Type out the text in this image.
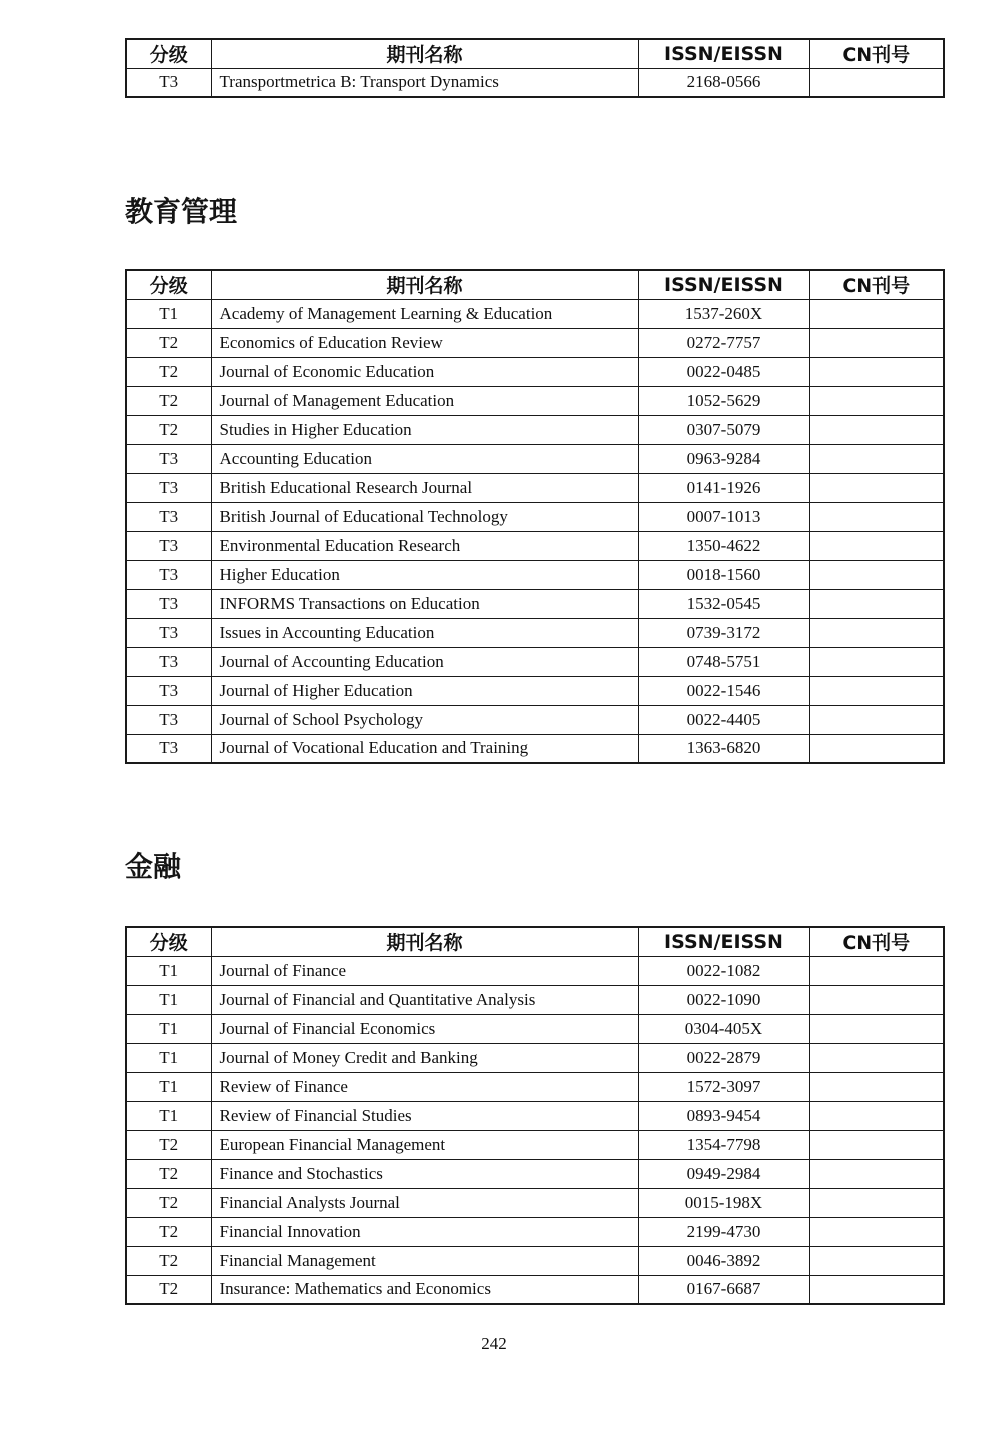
分级	期刊名称	ISSN/EISSN	CN刊号
T3	Transportmetrica B: Transport Dynamics	2168-0566	
教育管理
分级	期刊名称	ISSN/EISSN	CN刊号
T1	Academy of Management Learning & Education	1537-260X	
T2	Economics of Education Review	0272-7757	
T2	Journal of Economic Education	0022-0485	
T2	Journal of Management Education	1052-5629	
T2	Studies in Higher Education	0307-5079	
T3	Accounting Education	0963-9284	
T3	British Educational Research Journal	0141-1926	
T3	British Journal of Educational Technology	0007-1013	
T3	Environmental Education Research	1350-4622	
T3	Higher Education	0018-1560	
T3	INFORMS Transactions on Education	1532-0545	
T3	Issues in Accounting Education	0739-3172	
T3	Journal of Accounting Education	0748-5751	
T3	Journal of Higher Education	0022-1546	
T3	Journal of School Psychology	0022-4405	
T3	Journal of Vocational Education and Training	1363-6820	
金融
分级	期刊名称	ISSN/EISSN	CN刊号
T1	Journal of Finance	0022-1082	
T1	Journal of Financial and Quantitative Analysis	0022-1090	
T1	Journal of Financial Economics	0304-405X	
T1	Journal of Money Credit and Banking	0022-2879	
T1	Review of Finance	1572-3097	
T1	Review of Financial Studies	0893-9454	
T2	European Financial Management	1354-7798	
T2	Finance and Stochastics	0949-2984	
T2	Financial Analysts Journal	0015-198X	
T2	Financial Innovation	2199-4730	
T2	Financial Management	0046-3892	
T2	Insurance: Mathematics and Economics	0167-6687	
242
